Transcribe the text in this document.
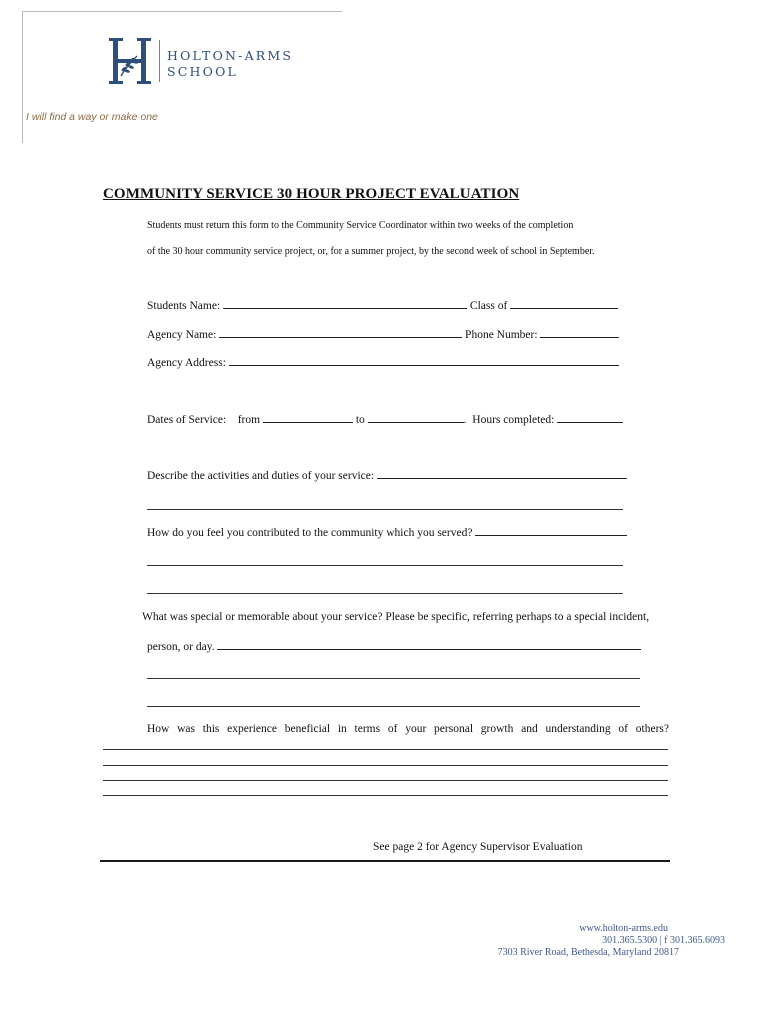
HOLTON-ARMS
SCHOOL
I will find a way or make one
COMMUNITY SERVICE 30 HOUR PROJECT EVALUATION
Students must return this form to the Community Service Coordinator within two weeks of the completion
of the 30 hour community service project, or, for a summer project, by the second week of school in September.
Students Name:	Class of
Agency Name:	Phone Number:
Agency Address:
Dates of Service: from	to	.  Hours completed:
Describe the activities and duties of your service:
How do you feel you contributed to the community which you served?
What was special or memorable about your service? Please be specific, referring perhaps to a special incident,
person, or day.
How was this experience beneficial in terms of your personal growth and understanding of others?
See page 2 for Agency Supervisor Evaluation
www.holton-arms.edu
301.365.5300 | f 301.365.6093
7303 River Road, Bethesda, Maryland 20817
